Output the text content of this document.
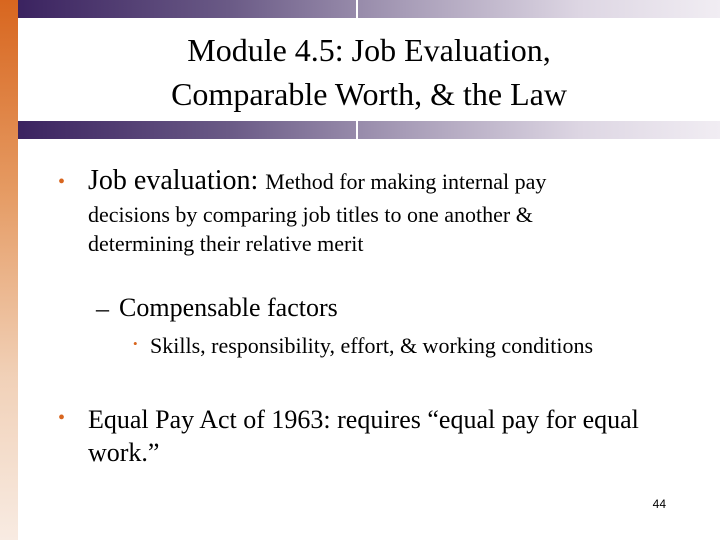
Module 4.5: Job Evaluation,
Comparable Worth, & the Law
• Job evaluation: Method for making internal pay
decisions by comparing job titles to one another & determining their relative merit
– Compensable factors
• Skills, responsibility, effort, & working conditions
• Equal Pay Act of 1963: requires “equal pay for equal work.”
44
